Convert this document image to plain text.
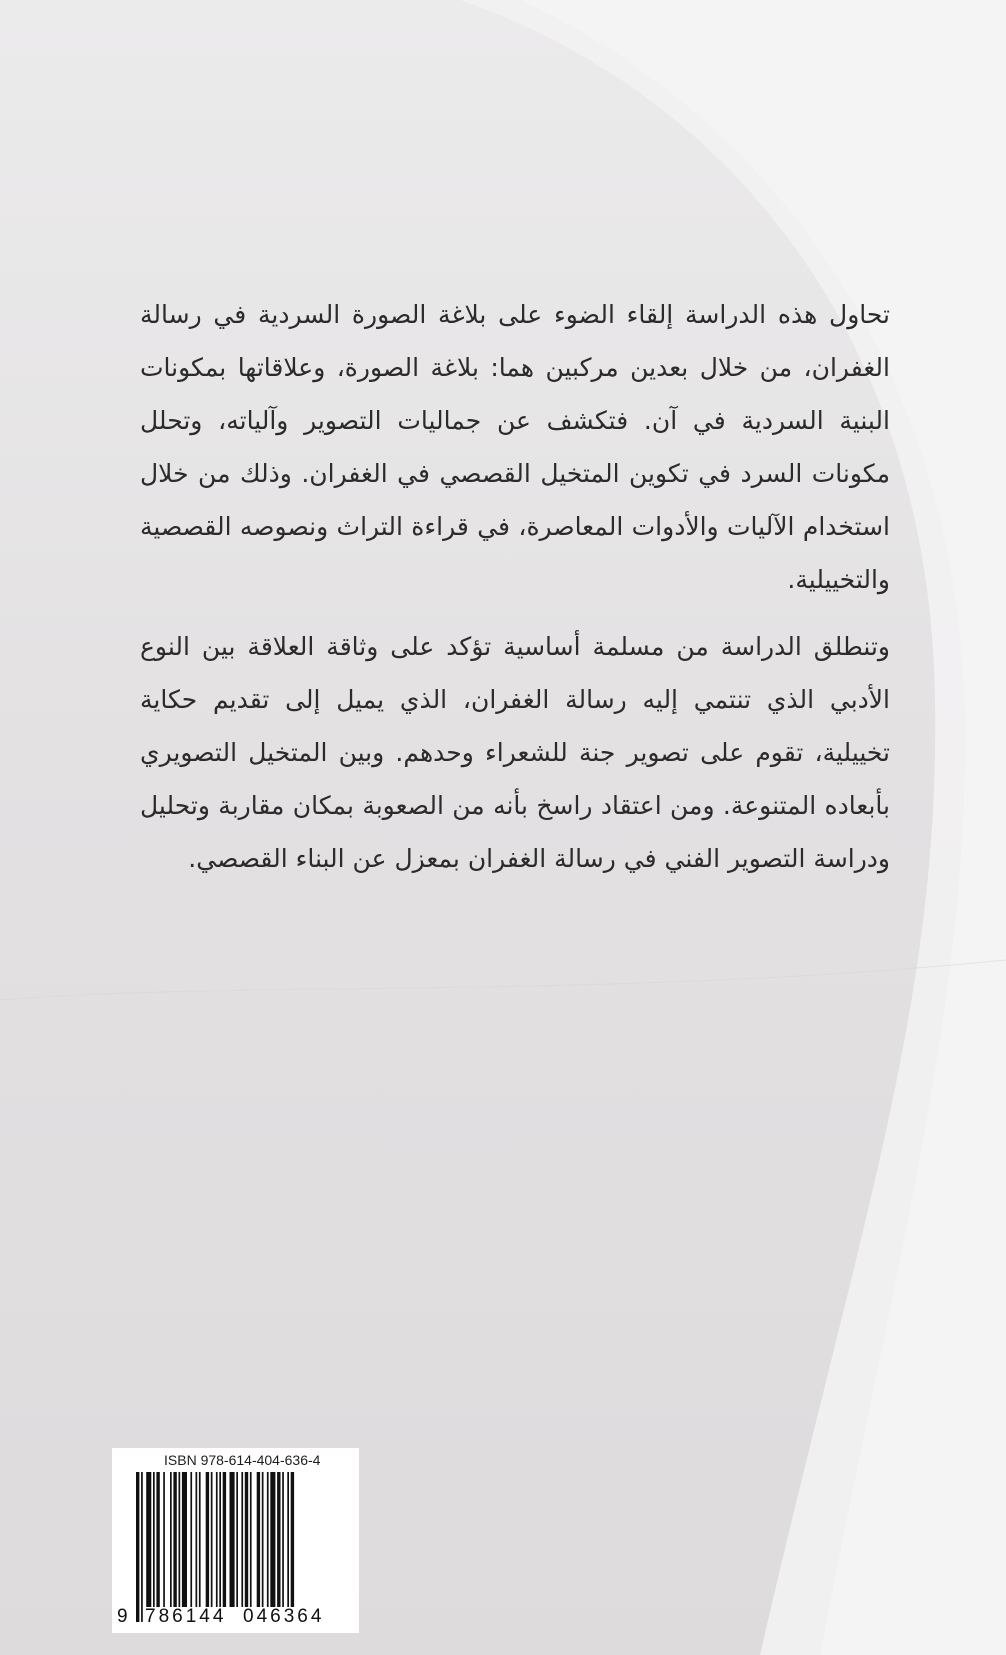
تحاول هذه الدراسة إلقاء الضوء على بلاغة الصورة السردية في رسالة الغفران، من خلال بعدين مركبين هما: بلاغة الصورة، وعلاقاتها بمكونات البنية السردية في آن. فتكشف عن جماليات التصوير وآلياته، وتحلل مكونات السرد في تكوين المتخيل القصصي في الغفران. وذلك من خلال استخدام الآليات والأدوات المعاصرة، في قراءة التراث ونصوصه القصصية والتخييلية.

وتنطلق الدراسة من مسلمة أساسية تؤكد على وثاقة العلاقة بين النوع الأدبي الذي تنتمي إليه رسالة الغفران، الذي يميل إلى تقديم حكاية تخييلية، تقوم على تصوير جنة للشعراء وحدهم. وبين المتخيل التصويري بأبعاده المتنوعة. ومن اعتقاد راسخ بأنه من الصعوبة بمكان مقاربة وتحليل ودراسة التصوير الفني في رسالة الغفران بمعزل عن البناء القصصي.

ISBN 978-614-404-636-4
9 786144 046364
